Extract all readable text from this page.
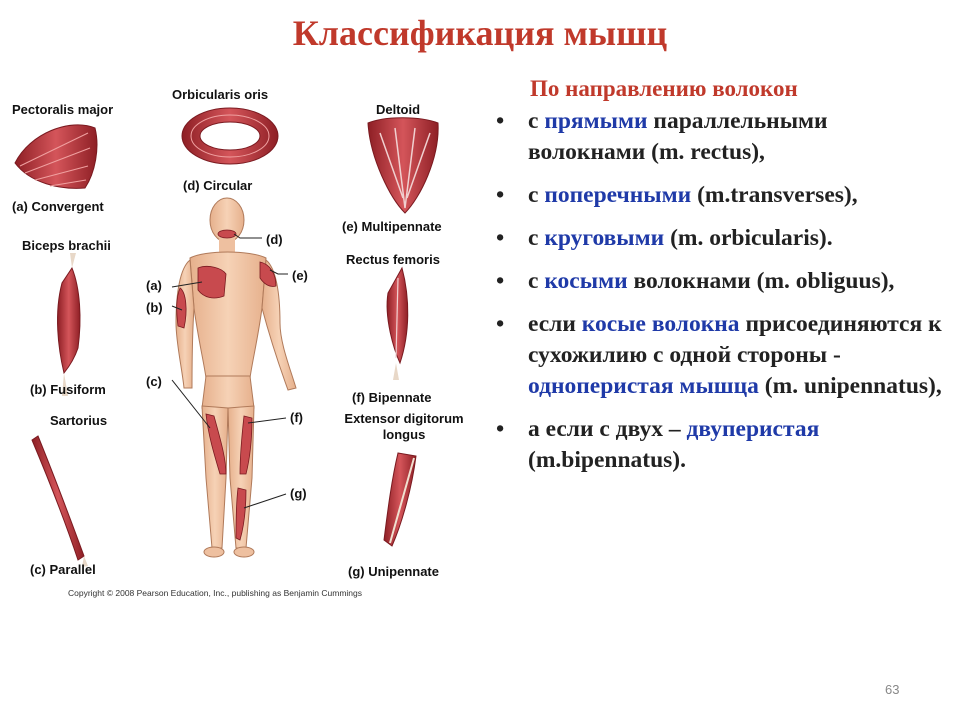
Классификация мышц
Pectoralis major
(a) Convergent
Orbicularis oris
(d) Circular
Deltoid
(e) Multipennate
Biceps brachii
(b) Fusiform
Rectus femoris
(f) Bipennate
Sartorius
(c) Parallel
Extensor digitorum longus
(g) Unipennate
(d)
(e)
(a)
(b)
(c)
(f)
(g)
Copyright © 2008 Pearson Education, Inc., publishing as Benjamin Cummings
По направлению волокон
• с прямыми параллельными волокнами (m. rectus),
• с поперечными (m.transverses),
• с круговыми (m. orbicularis).
• с косыми волокнами (m. obliguus),
• если косые волокна присоединяются к сухожилию с одной стороны - одноперистая мышца (m. unipennatus),
• а если с двух – двуперистая (m.bipennatus).
63
